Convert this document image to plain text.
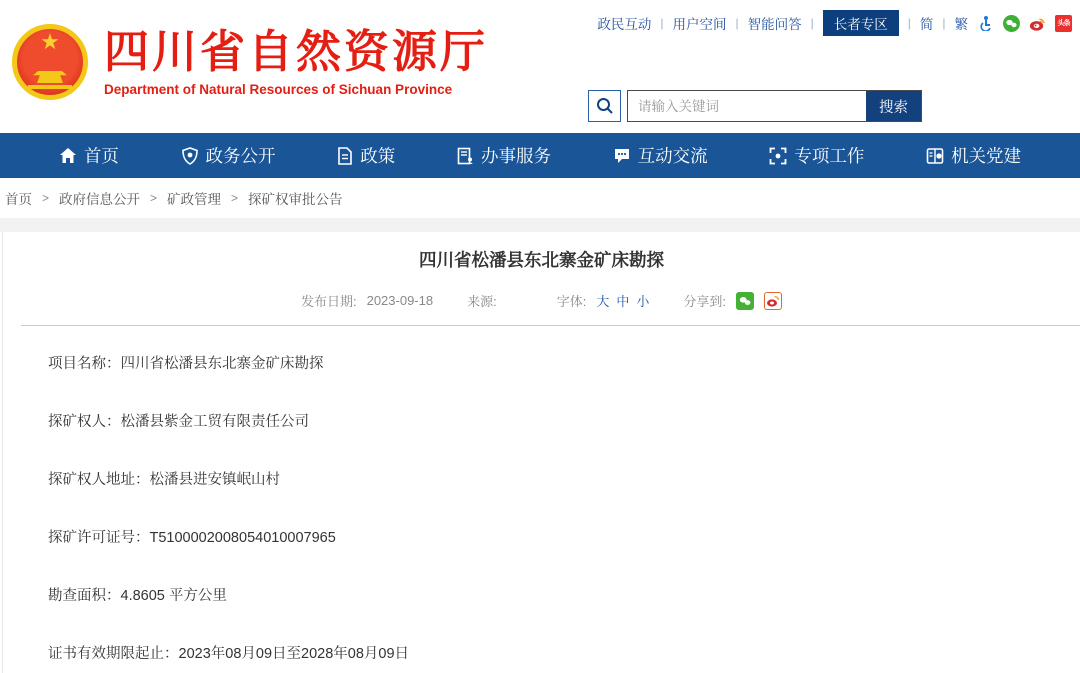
政民互动 | 用户空间 | 智能问答 |	长者专区	| 简 | 繁	头条
★ 四川省自然资源厅
Department of Natural Resources of Sichuan Province
请输入关键词
搜索
首页	政务公开	政策	办事服务	互动交流	专项工作	机关党建
首页 > 政府信息公开 > 矿政管理 > 探矿权审批公告
四川省松潘县东北寨金矿床勘探
发布日期: 2023-09-18	来源:	字体: 大 中 小	分享到:
项目名称：四川省松潘县东北寨金矿床勘探
探矿权人：松潘县紫金工贸有限责任公司
探矿权人地址：松潘县进安镇岷山村
探矿许可证号：T5100002008054010007965
勘查面积：4.8605 平方公里
证书有效期限起止：2023年08月09日至2028年08月09日
